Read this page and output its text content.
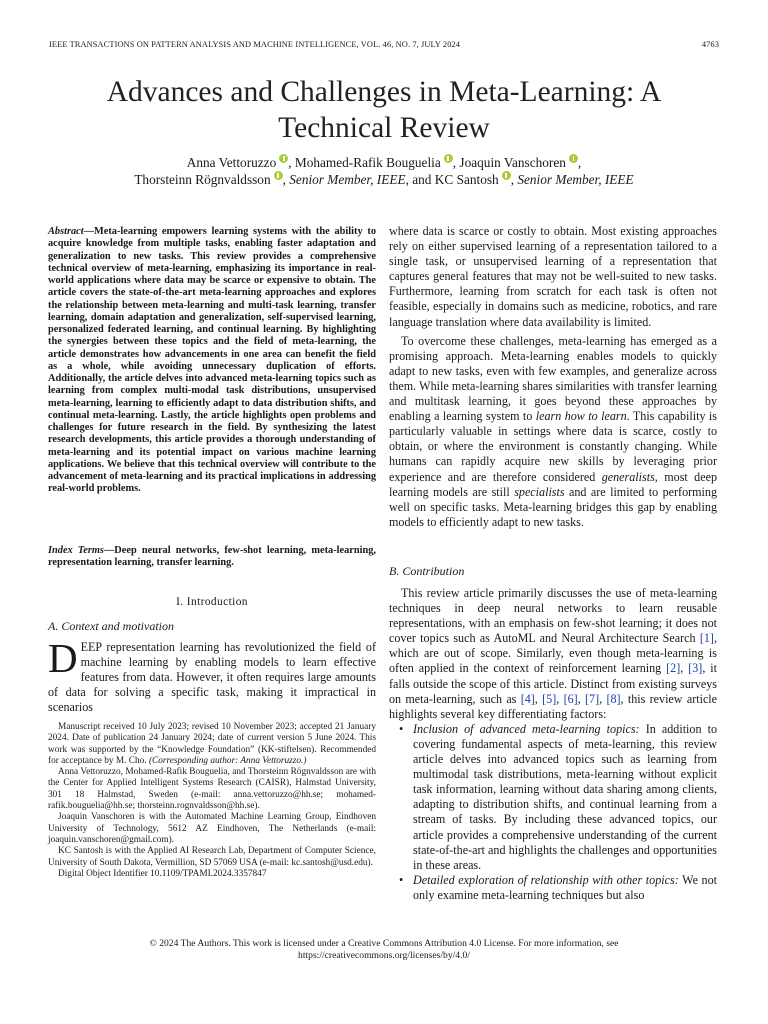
IEEE TRANSACTIONS ON PATTERN ANALYSIS AND MACHINE INTELLIGENCE, VOL. 46, NO. 7, JULY 2024	4763
Advances and Challenges in Meta-Learning: A
Technical Review
Anna Vettoruzzo , Mohamed-Rafik Bouguelia , Joaquin Vanschoren ,
Thorsteinn Rögnvaldsson , Senior Member, IEEE, and KC Santosh , Senior Member, IEEE
Abstract—Meta-learning empowers learning systems with the ability to acquire knowledge from multiple tasks, enabling faster adaptation and generalization to new tasks. This review provides a comprehensive technical overview of meta-learning, emphasizing its importance in real-world applications where data may be scarce or expensive to obtain. The article covers the state-of-the-art meta-learning approaches and explores the relationship between meta-learning and multi-task learning, transfer learning, domain adaptation and generalization, self-supervised learning, personalized federated learning, and continual learning. By highlighting the synergies between these topics and the field of meta-learning, the article demonstrates how advancements in one area can benefit the field as a whole, while avoiding unnecessary duplication of efforts. Additionally, the article delves into advanced meta-learning topics such as learning from complex multi-modal task distributions, unsupervised meta-learning, learning to efficiently adapt to data distribution shifts, and continual meta-learning. Lastly, the article highlights open problems and challenges for future research in the field. By synthesizing the latest research developments, this article provides a thorough understanding of meta-learning and its potential impact on various machine learning applications. We believe that this technical overview will contribute to the advancement of meta-learning and its practical implications in addressing real-world problems.
Index Terms—Deep neural networks, few-shot learning, meta-learning, representation learning, transfer learning.
I. Introduction
A. Context and motivation
DEEP representation learning has revolutionized the field of machine learning by enabling models to learn effective features from data. However, it often requires large amounts of data for solving a specific task, making it impractical in scenarios

Manuscript received 10 July 2023; revised 10 November 2023; accepted 21 January 2024. Date of publication 24 January 2024; date of current version 5 June 2024. This work was supported by the “Knowledge Foundation” (KK-stiftelsen). Recommended for acceptance by M. Cho. (Corresponding author: Anna Vettoruzzo.)

Anna Vettoruzzo, Mohamed-Rafik Bouguelia, and Thorsteinn Rögnvaldsson are with the Center for Applied Intelligent Systems Research (CAISR), Halmstad University, 301 18 Halmstad, Sweden (e-mail: anna.vettoruzzo@hh.se; mohamed-rafik.bouguelia@hh.se; thorsteinn.rognvaldsson@hh.se).

Joaquin Vanschoren is with the Automated Machine Learning Group, Eindhoven University of Technology, 5612 AZ Eindhoven, The Netherlands (e-mail: joaquin.vanschoren@gmail.com).

KC Santosh is with the Applied AI Research Lab, Department of Computer Science, University of South Dakota, Vermillion, SD 57069 USA (e-mail: kc.santosh@usd.edu).

Digital Object Identifier 10.1109/TPAMI.2024.3357847

where data is scarce or costly to obtain. Most existing approaches rely on either supervised learning of a representation tailored to a single task, or unsupervised learning of a representation that captures general features that may not be well-suited to new tasks. Furthermore, learning from scratch for each task is often not feasible, especially in domains such as medicine, robotics, and rare language translation where data availability is limited.

To overcome these challenges, meta-learning has emerged as a promising approach. Meta-learning enables models to quickly adapt to new tasks, even with few examples, and generalize across them. While meta-learning shares similarities with transfer learning and multitask learning, it goes beyond these approaches by enabling a learning system to learn how to learn. This capability is particularly valuable in settings where data is scarce, costly to obtain, or where the environment is constantly changing. While humans can rapidly acquire new skills by leveraging prior experience and are therefore considered generalists, most deep learning models are still specialists and are limited to performing well on specific tasks. Meta-learning bridges this gap by enabling models to efficiently adapt to new tasks.

B. Contribution

This review article primarily discusses the use of meta-learning techniques in deep neural networks to learn reusable representations, with an emphasis on few-shot learning; it does not cover topics such as AutoML and Neural Architecture Search [1], which are out of scope. Similarly, even though meta-learning is often applied in the context of reinforcement learning [2], [3], it falls outside the scope of this article. Distinct from existing surveys on meta-learning, such as [4], [5], [6], [7], [8], this review article highlights several key differentiating factors:

• Inclusion of advanced meta-learning topics: In addition to covering fundamental aspects of meta-learning, this review article delves into advanced topics such as learning from multimodal task distributions, meta-learning without explicit task information, learning without data sharing among clients, adapting to distribution shifts, and continual learning from a stream of tasks. By including these advanced topics, our article provides a comprehensive understanding of the current state-of-the-art and highlights the challenges and opportunities in these areas.
• Detailed exploration of relationship with other topics: We not only examine meta-learning techniques but also
© 2024 The Authors. This work is licensed under a Creative Commons Attribution 4.0 License. For more information, see
https://creativecommons.org/licenses/by/4.0/
